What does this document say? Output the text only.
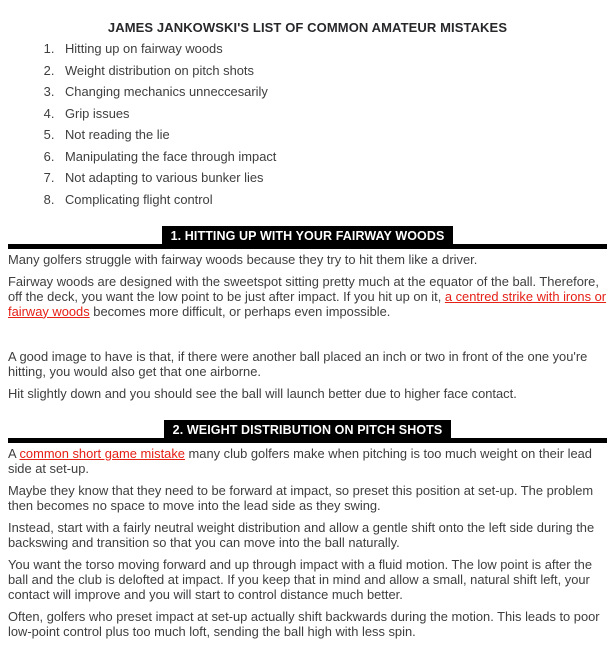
JAMES JANKOWSKI'S LIST OF COMMON AMATEUR MISTAKES
1. Hitting up on fairway woods
2. Weight distribution on pitch shots
3. Changing mechanics unneccesarily
4. Grip issues
5. Not reading the lie
6. Manipulating the face through impact
7. Not adapting to various bunker lies
8. Complicating flight control
1. HITTING UP WITH YOUR FAIRWAY WOODS

Many golfers struggle with fairway woods because they try to hit them like a driver.

Fairway woods are designed with the sweetspot sitting pretty much at the equator of the ball. Therefore, off the deck, you want the low point to be just after impact. If you hit up on it, a centred strike with irons or fairway woods becomes more difficult, or perhaps even impossible.

A good image to have is that, if there were another ball placed an inch or two in front of the one you're hitting, you would also get that one airborne.

Hit slightly down and you should see the ball will launch better due to higher face contact.

2. WEIGHT DISTRIBUTION ON PITCH SHOTS

A common short game mistake many club golfers make when pitching is too much weight on their lead side at set-up.

Maybe they know that they need to be forward at impact, so preset this position at set-up. The problem then becomes no space to move into the lead side as they swing.

Instead, start with a fairly neutral weight distribution and allow a gentle shift onto the left side during the backswing and transition so that you can move into the ball naturally.

You want the torso moving forward and up through impact with a fluid motion. The low point is after the ball and the club is delofted at impact. If you keep that in mind and allow a small, natural shift left, your contact will improve and you will start to control distance much better.

Often, golfers who preset impact at set-up actually shift backwards during the motion. This leads to poor low-point control plus too much loft, sending the ball high with less spin.
